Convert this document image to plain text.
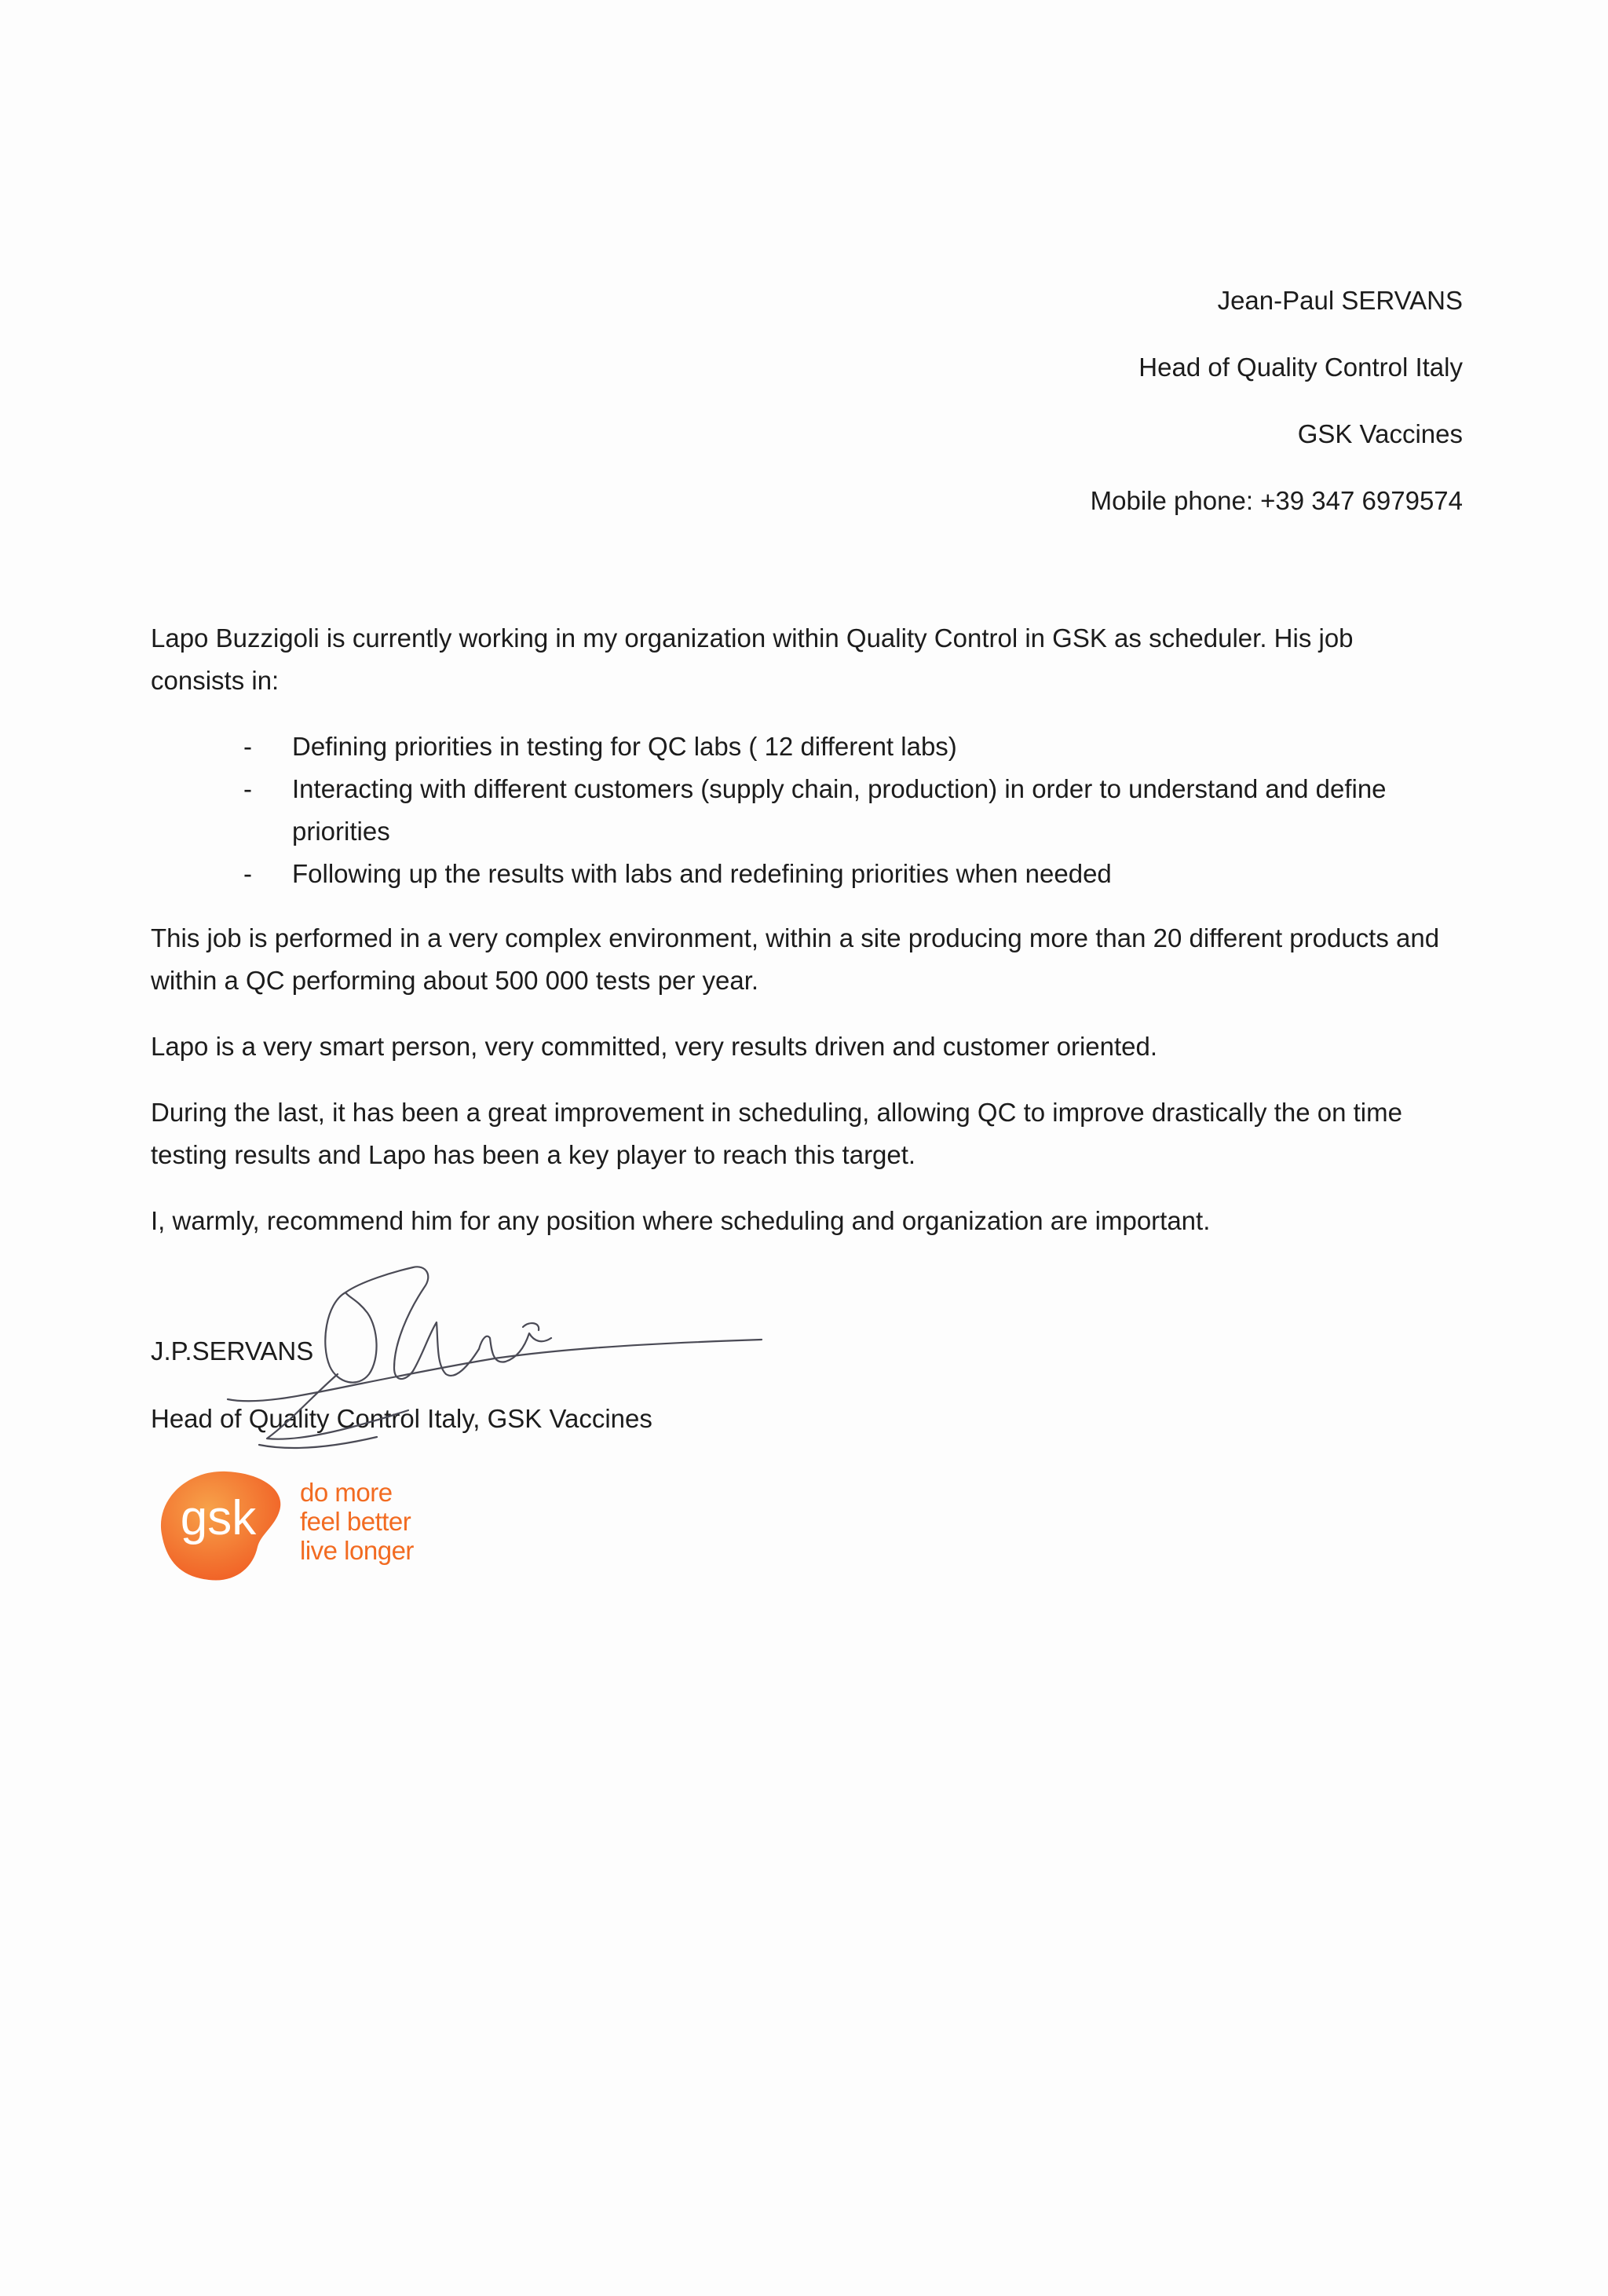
Jean-Paul SERVANS
Head of Quality Control Italy
GSK Vaccines
Mobile phone: +39 347 6979574

Lapo Buzzigoli is currently working in my organization within Quality Control in GSK as scheduler. His job consists in:

- Defining priorities in testing for QC labs ( 12 different labs)
- Interacting with different customers (supply chain, production) in order to understand and define priorities
- Following up the results with labs and redefining priorities when needed

This job is performed in a very complex environment, within a site producing more than 20 different products and within a QC performing about 500 000 tests per year.

Lapo is a very smart person, very committed, very results driven and customer oriented.

During the last, it has been a great improvement in scheduling, allowing QC to improve drastically the on time testing results and Lapo has been a key player to reach this target.

I, warmly, recommend him for any position where scheduling and organization are important.

J.P.SERVANS
Head of Quality Control Italy, GSK Vaccines
gsk do more
feel better
live longer
